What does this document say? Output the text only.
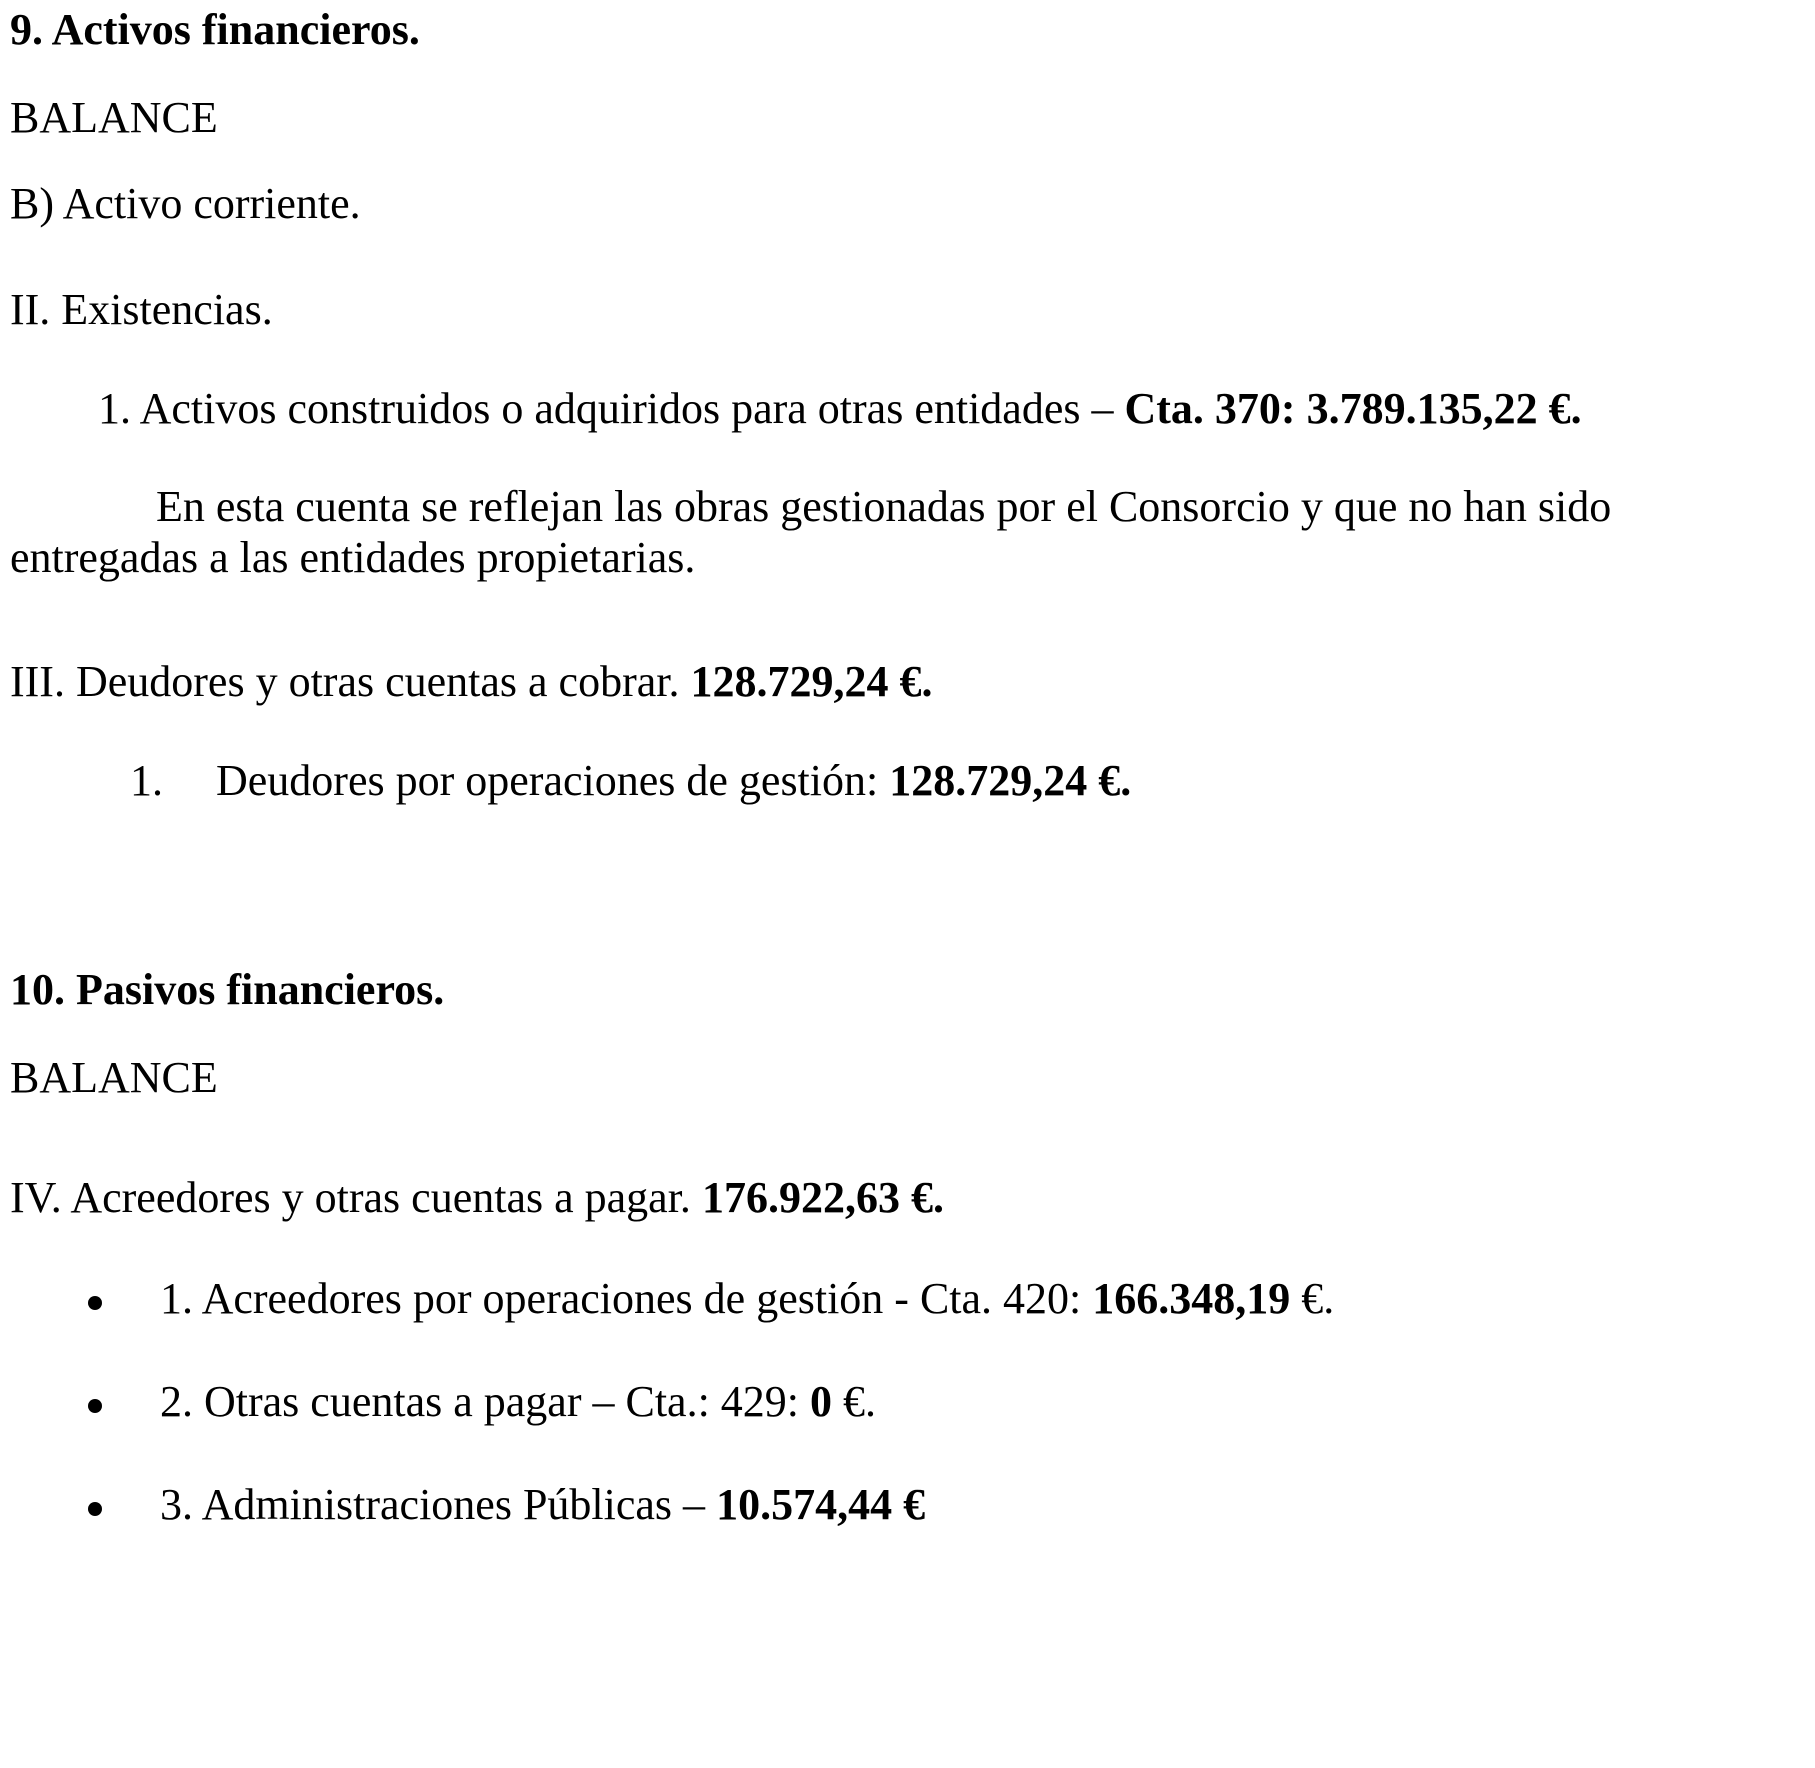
9. Activos financieros.
BALANCE
B) Activo corriente.
II. Existencias.
1. Activos construidos o adquiridos para otras entidades – Cta. 370: 3.789.135,22 €.
En esta cuenta se reflejan las obras gestionadas por el Consorcio y que no han sido
entregadas a las entidades propietarias.
III. Deudores y otras cuentas a cobrar. 128.729,24 €.
1. Deudores por operaciones de gestión: 128.729,24 €.
10. Pasivos financieros.
BALANCE
IV. Acreedores y otras cuentas a pagar. 176.922,63 €.
1. Acreedores por operaciones de gestión - Cta. 420: 166.348,19 €.
2. Otras cuentas a pagar – Cta.: 429: 0 €.
3. Administraciones Públicas – 10.574,44 €
